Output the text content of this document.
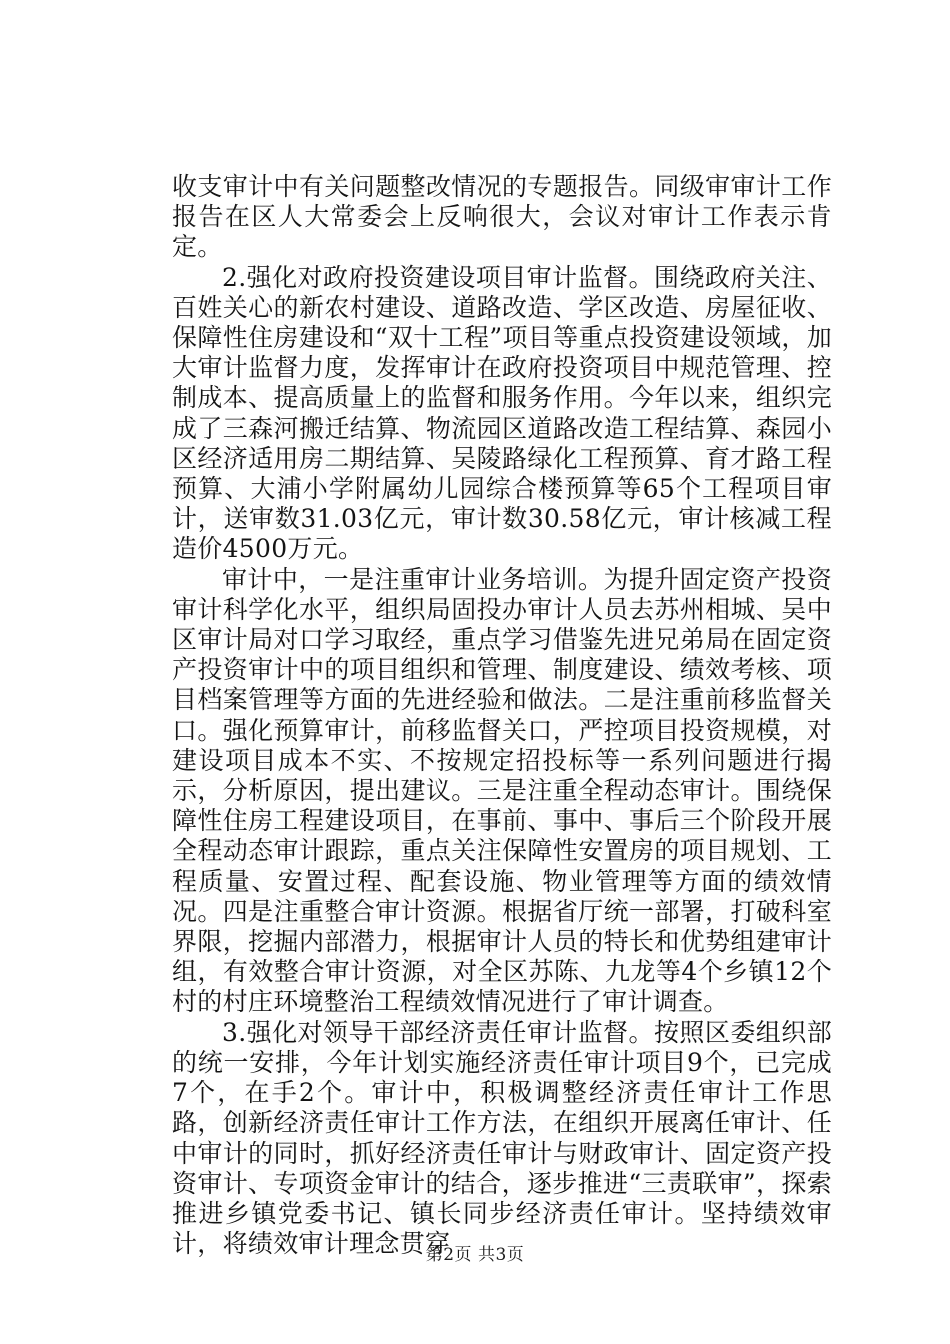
收支审计中有关问题整改情况的专题报告。同级审审计工作报告在区人大常委会上反响很大，会议对审计工作表示肯定。

2.强化对政府投资建设项目审计监督。围绕政府关注、百姓关心的新农村建设、道路改造、学区改造、房屋征收、保障性住房建设和“双十工程”项目等重点投资建设领域，加大审计监督力度，发挥审计在政府投资项目中规范管理、控制成本、提高质量上的监督和服务作用。今年以来，组织完成了三森河搬迁结算、物流园区道路改造工程结算、森园小区经济适用房二期结算、吴陵路绿化工程预算、育才路工程预算、大浦小学附属幼儿园综合楼预算等65个工程项目审计，送审数31.03亿元，审计数30.58亿元，审计核减工程造价4500万元。

审计中，一是注重审计业务培训。为提升固定资产投资审计科学化水平，组织局固投办审计人员去苏州相城、吴中区审计局对口学习取经，重点学习借鉴先进兄弟局在固定资产投资审计中的项目组织和管理、制度建设、绩效考核、项目档案管理等方面的先进经验和做法。二是注重前移监督关口。强化预算审计，前移监督关口，严控项目投资规模，对建设项目成本不实、不按规定招投标等一系列问题进行揭示，分析原因，提出建议。三是注重全程动态审计。围绕保障性住房工程建设项目，在事前、事中、事后三个阶段开展全程动态审计跟踪，重点关注保障性安置房的项目规划、工程质量、安置过程、配套设施、物业管理等方面的绩效情况。四是注重整合审计资源。根据省厅统一部署，打破科室界限，挖掘内部潜力，根据审计人员的特长和优势组建审计组，有效整合审计资源，对全区苏陈、九龙等4个乡镇12个村的村庄环境整治工程绩效情况进行了审计调查。

3.强化对领导干部经济责任审计监督。按照区委组织部的统一安排，今年计划实施经济责任审计项目9个，已完成7个，在手2个。审计中，积极调整经济责任审计工作思路，创新经济责任审计工作方法，在组织开展离任审计、任中审计的同时，抓好经济责任审计与财政审计、固定资产投资审计、专项资金审计的结合，逐步推进“三责联审”，探索推进乡镇党委书记、镇长同步经济责任审计。坚持绩效审计，将绩效审计理念贯穿

第2页 共3页
